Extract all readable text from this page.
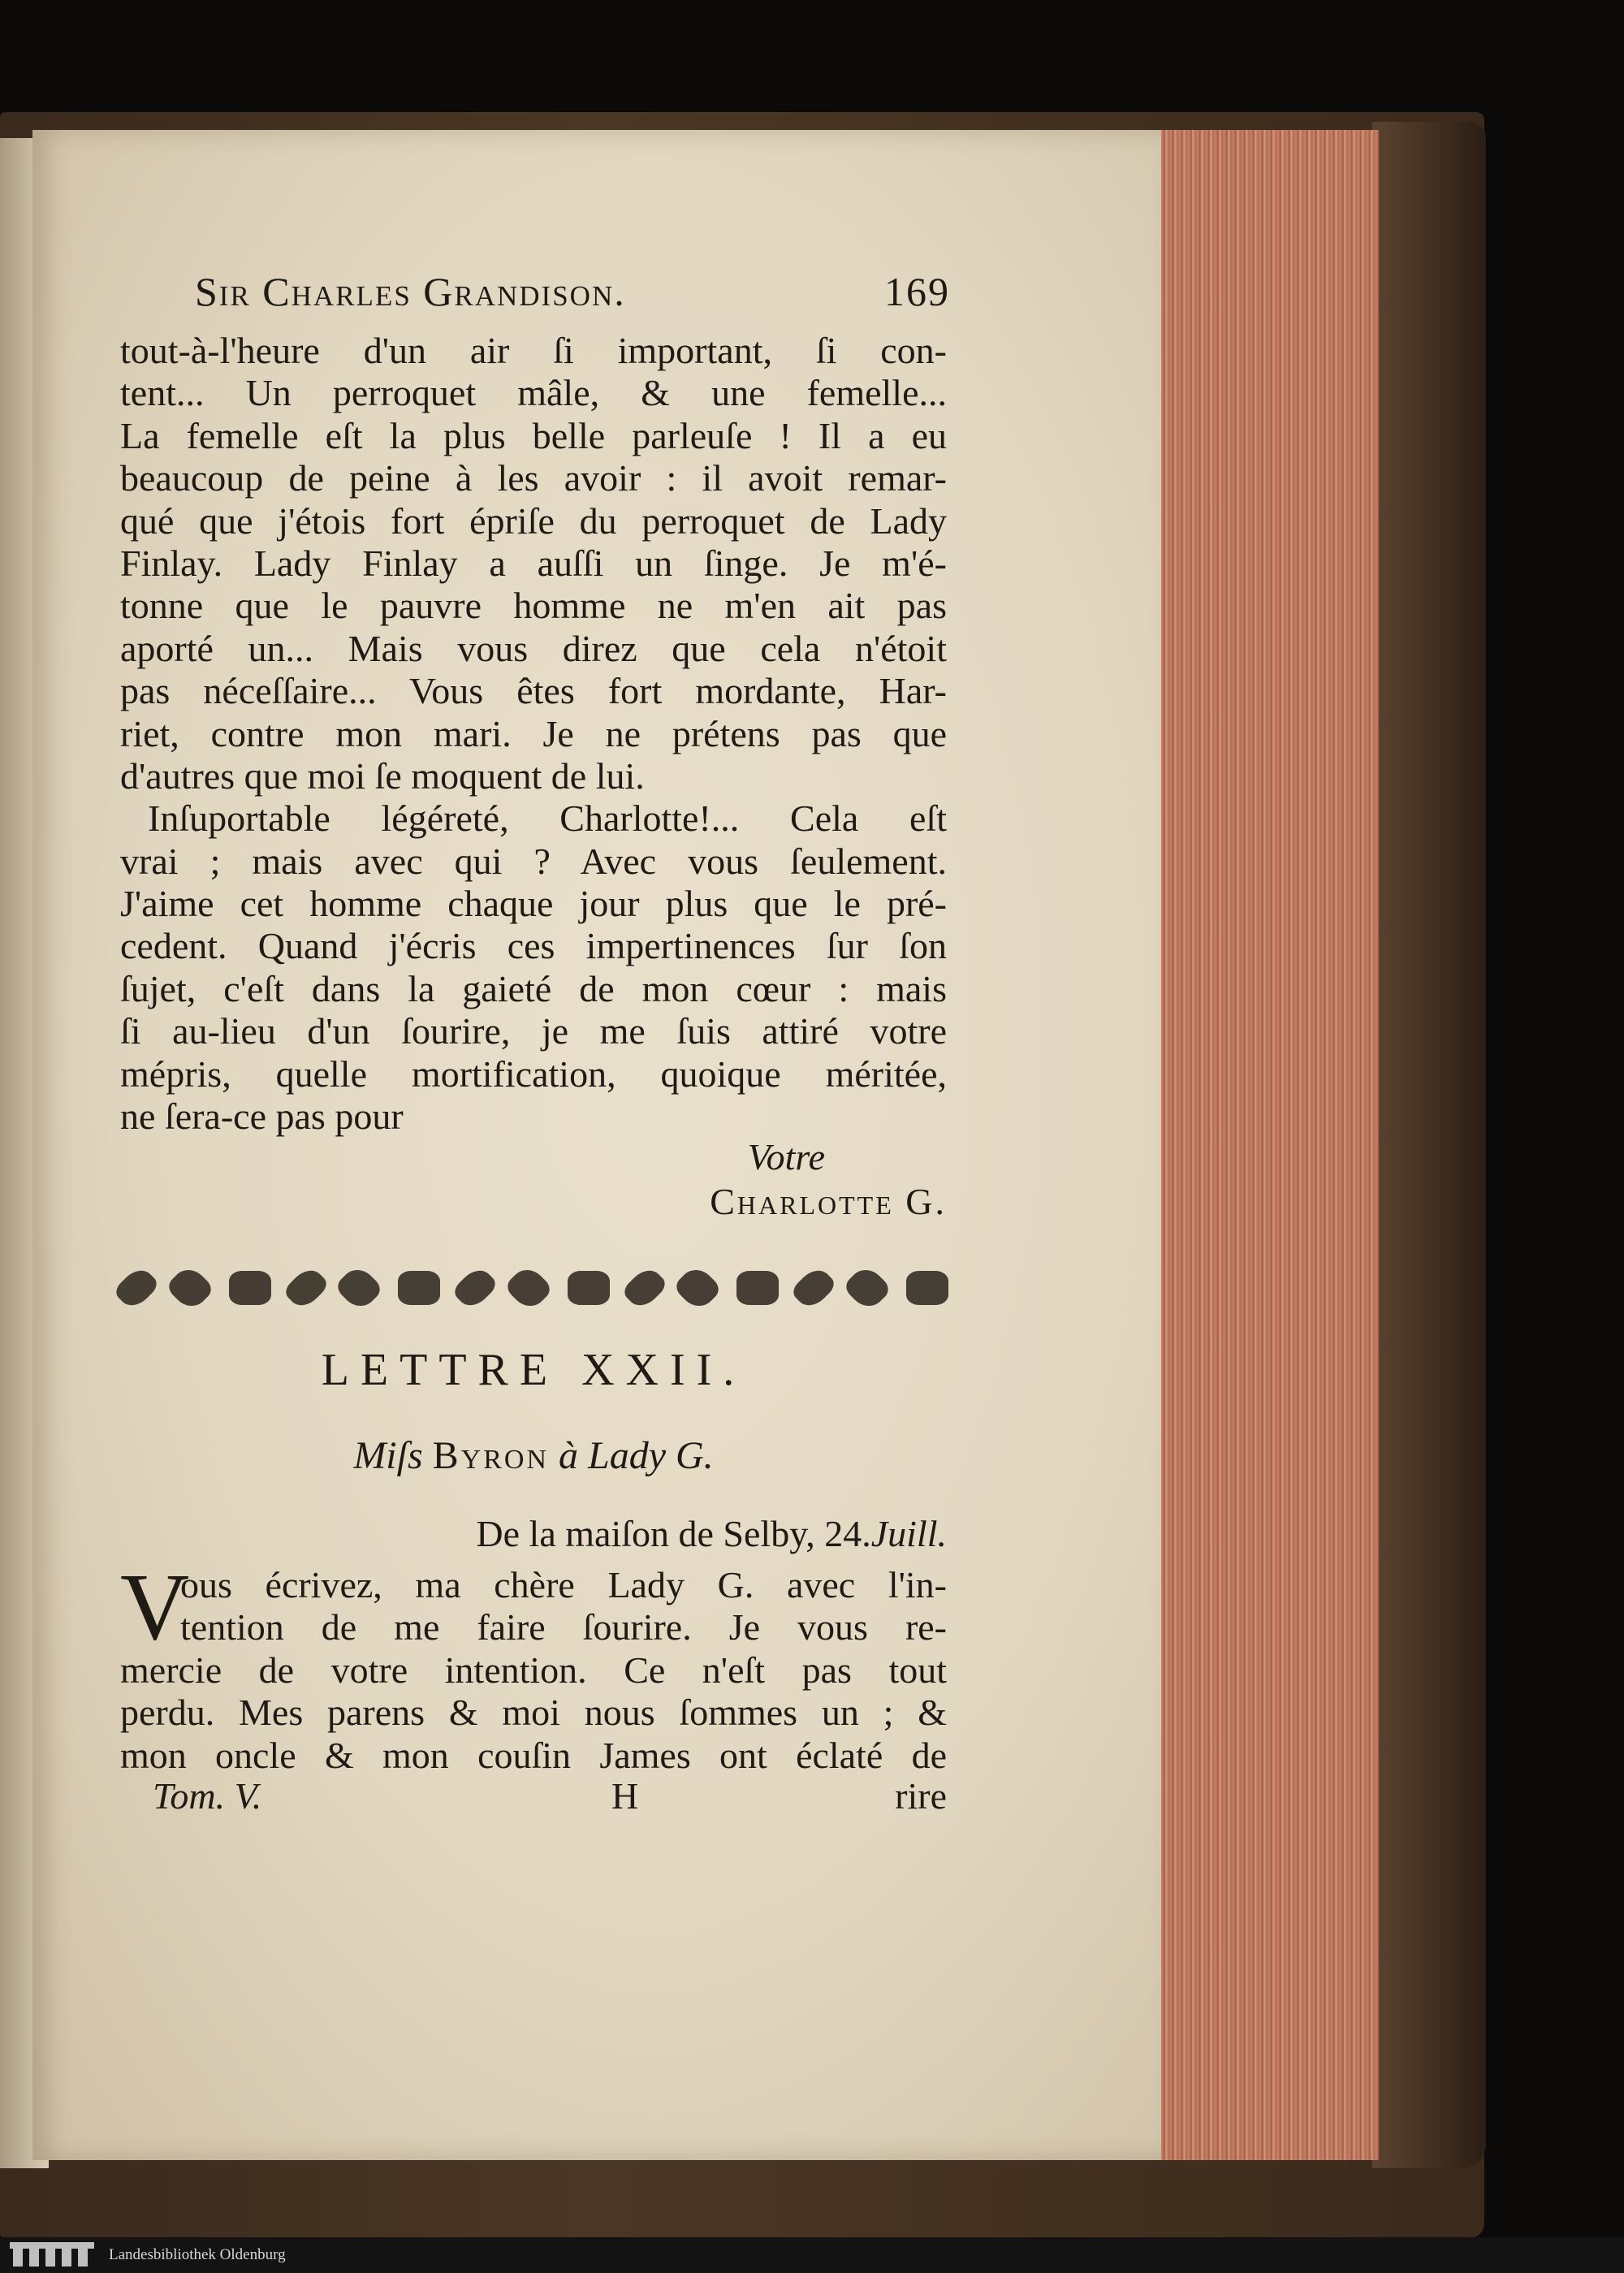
Sir Charles Grandison.	169
tout-à-l'heure d'un air ſi important, ſi con-
tent... Un perroquet mâle, & une femelle...
La femelle eſt la plus belle parleuſe ! Il a eu
beaucoup de peine à les avoir : il avoit remar-
qué que j'étois fort épriſe du perroquet de Lady
Finlay. Lady Finlay a auſſi un ſinge. Je m'é-
tonne que le pauvre homme ne m'en ait pas
aporté un... Mais vous direz que cela n'étoit
pas néceſſaire... Vous êtes fort mordante, Har-
riet, contre mon mari. Je ne prétens pas que
d'autres que moi ſe moquent de lui.
Inſuportable légéreté, Charlotte!... Cela eſt
vrai ; mais avec qui ? Avec vous ſeulement.
J'aime cet homme chaque jour plus que le pré-
cedent. Quand j'écris ces impertinences ſur ſon
ſujet, c'eſt dans la gaieté de mon cœur : mais
ſi au-lieu d'un ſourire, je me ſuis attiré votre
mépris, quelle mortification, quoique méritée,
ne ſera-ce pas pour
Votre
Charlotte G.
LETTRE XXII.
Miſs Byron à Lady G.
De la maiſon de Selby, 24.Juill.
V
ous écrivez, ma chère Lady G. avec l'in-
tention de me faire ſourire. Je vous re-
mercie de votre intention. Ce n'eſt pas tout
perdu. Mes parens & moi nous ſommes un ; &
mon oncle & mon couſin James ont éclaté de
Tom. V.	H	rire
Landesbibliothek Oldenburg
